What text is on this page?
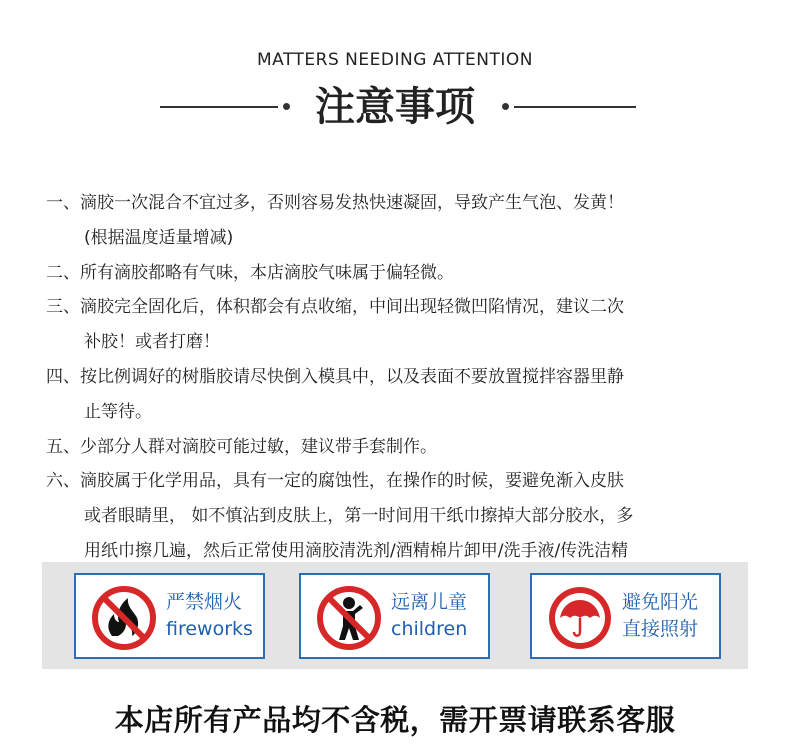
MATTERS NEEDING ATTENTION
注意事项
一、滴胶一次混合不宜过多，否则容易发热快速凝固，导致产生气泡、发黄！
(根据温度适量增减)
二、所有滴胶都略有气味，本店滴胶气味属于偏轻微。
三、滴胶完全固化后，体积都会有点收缩，中间出现轻微凹陷情况，建议二次
补胶！或者打磨！
四、按比例调好的树脂胶请尽快倒入模具中，以及表面不要放置搅拌容器里静
止等待。
五、少部分人群对滴胶可能过敏，建议带手套制作。
六、滴胶属于化学用品，具有一定的腐蚀性，在操作的时候，要避免渐入皮肤
或者眼睛里， 如不慎沾到皮肤上，第一时间用干纸巾擦掉大部分胶水，多
用纸巾擦几遍，然后正常使用滴胶清洗剂/酒精棉片卸甲/洗手液/传洗洁精
严禁烟火
fireworks
远离儿童
children
避免阳光
直接照射
本店所有产品均不含税，需开票请联系客服
